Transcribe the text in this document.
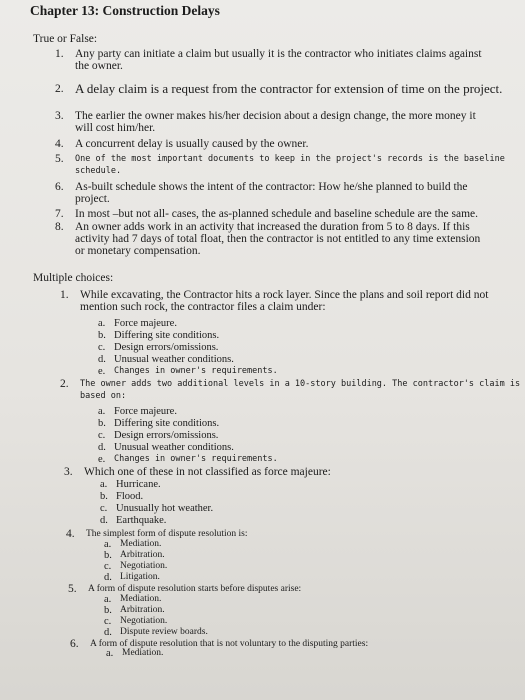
Chapter 13: Construction Delays
True or False:
1. Any party can initiate a claim but usually it is the contractor who initiates claims against
the owner.
2. A delay claim is a request from the contractor for extension of time on the project.
3. The earlier the owner makes his/her decision about a design change, the more money it
will cost him/her.
4. A concurrent delay is usually caused by the owner.
5. One of the most important documents to keep in the project's records is the baseline
schedule.
6. As-built schedule shows the intent of the contractor: How he/she planned to build the
project.
7. In most –but not all- cases, the as-planned schedule and baseline schedule are the same.
8. An owner adds work in an activity that increased the duration from 5 to 8 days. If this
activity had 7 days of total float, then the contractor is not entitled to any time extension
or monetary compensation.
Multiple choices:
1. While excavating, the Contractor hits a rock layer. Since the plans and soil report did not
mention such rock, the contractor files a claim under:
a. Force majeure.
b. Differing site conditions.
c. Design errors/omissions.
d. Unusual weather conditions.
e. Changes in owner's requirements.
2. The owner adds two additional levels in a 10-story building. The contractor's claim is
based on:
a. Force majeure.
b. Differing site conditions.
c. Design errors/omissions.
d. Unusual weather conditions.
e. Changes in owner's requirements.
3. Which one of these in not classified as force majeure:
a. Hurricane.
b. Flood.
c. Unusually hot weather.
d. Earthquake.
4. The simplest form of dispute resolution is:
a. Mediation.
b. Arbitration.
c. Negotiation.
d. Litigation.
5. A form of dispute resolution starts before disputes arise:
a. Mediation.
b. Arbitration.
c. Negotiation.
d. Dispute review boards.
6. A form of dispute resolution that is not voluntary to the disputing parties:
a. Mediation.
